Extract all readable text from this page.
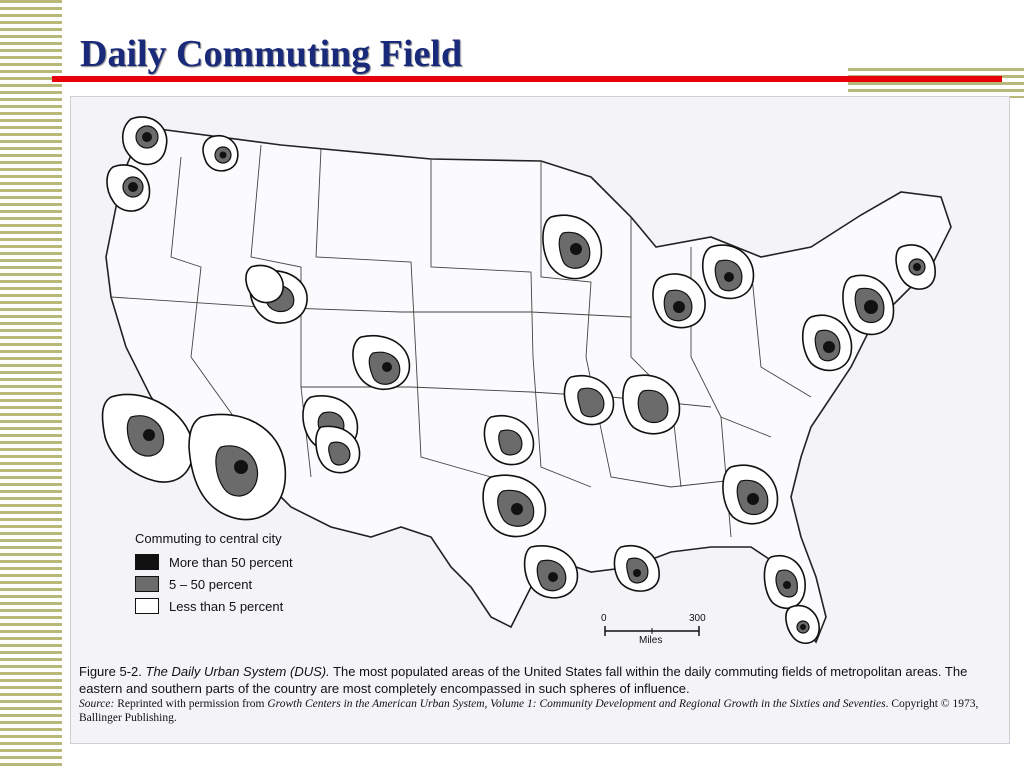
Daily Commuting Field

Commuting to central city

More than 50 percent
5 – 50 percent
Less than 5 percent
0	300
Miles
Figure 5-2. The Daily Urban System (DUS). The most populated areas of the United States fall within the daily commuting fields of metropolitan areas. The eastern and southern parts of the country are most completely encompassed in such spheres of influence.
Source: Reprinted with permission from Growth Centers in the American Urban System, Volume 1: Community Development and Regional Growth in the Sixties and Seventies. Copyright © 1973, Ballinger Publishing.
